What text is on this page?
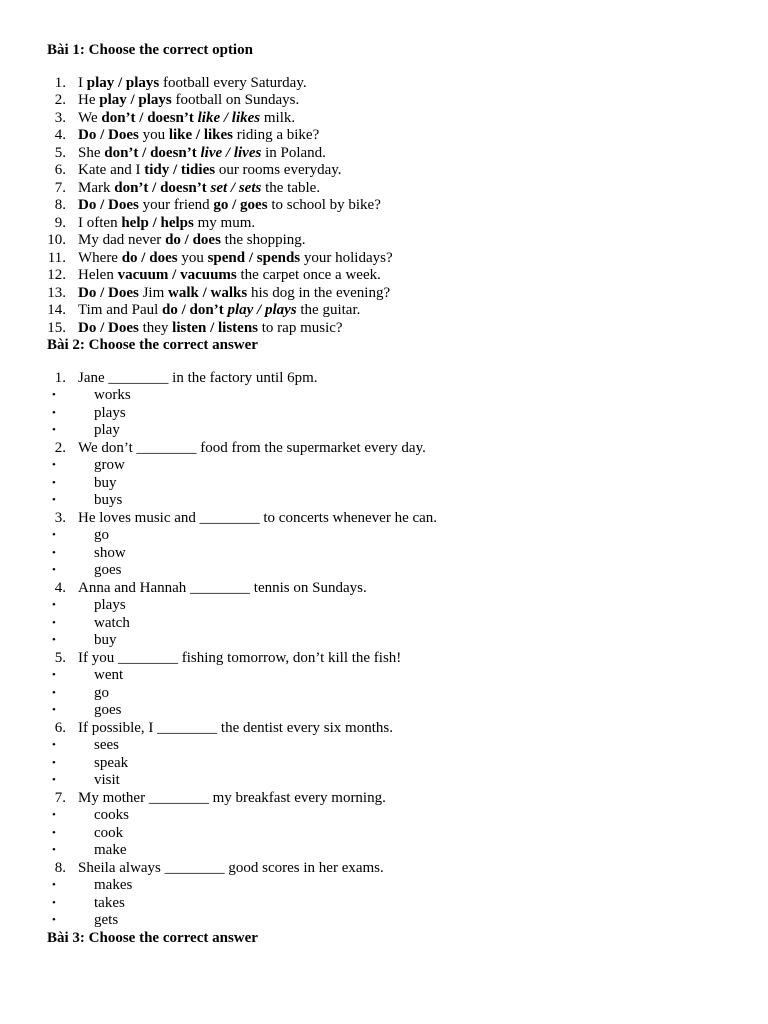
Bài 1: Choose the correct option
1. I play / plays football every Saturday.
2. He play / plays football on Sundays.
3. We don’t / doesn’t like / likes milk.
4. Do / Does you like / likes riding a bike?
5. She don’t / doesn’t live / lives in Poland.
6. Kate and I tidy / tidies our rooms everyday.
7. Mark don’t / doesn’t set / sets the table.
8. Do / Does your friend go / goes to school by bike?
9. I often help / helps my mum.
10. My dad never do / does the shopping.
11. Where do / does you spend / spends your holidays?
12. Helen vacuum / vacuums the carpet once a week.
13. Do / Does Jim walk / walks his dog in the evening?
14. Tim and Paul do / don’t play / plays the guitar.
15. Do / Does they listen / listens to rap music?
Bài 2: Choose the correct answer
1. Jane ________ in the factory until 6pm.
•	works
•	plays
•	play
2. We don’t ________ food from the supermarket every day.
•	grow
•	buy
•	buys
3. He loves music and ________ to concerts whenever he can.
•	go
•	show
•	goes
4. Anna and Hannah ________ tennis on Sundays.
•	plays
•	watch
•	buy
5. If you ________ fishing tomorrow, don’t kill the fish!
•	went
•	go
•	goes
6. If possible, I ________ the dentist every six months.
•	sees
•	speak
•	visit
7. My mother ________ my breakfast every morning.
•	cooks
•	cook
•	make
8. Sheila always ________ good scores in her exams.
•	makes
•	takes
•	gets
Bài 3: Choose the correct answer
